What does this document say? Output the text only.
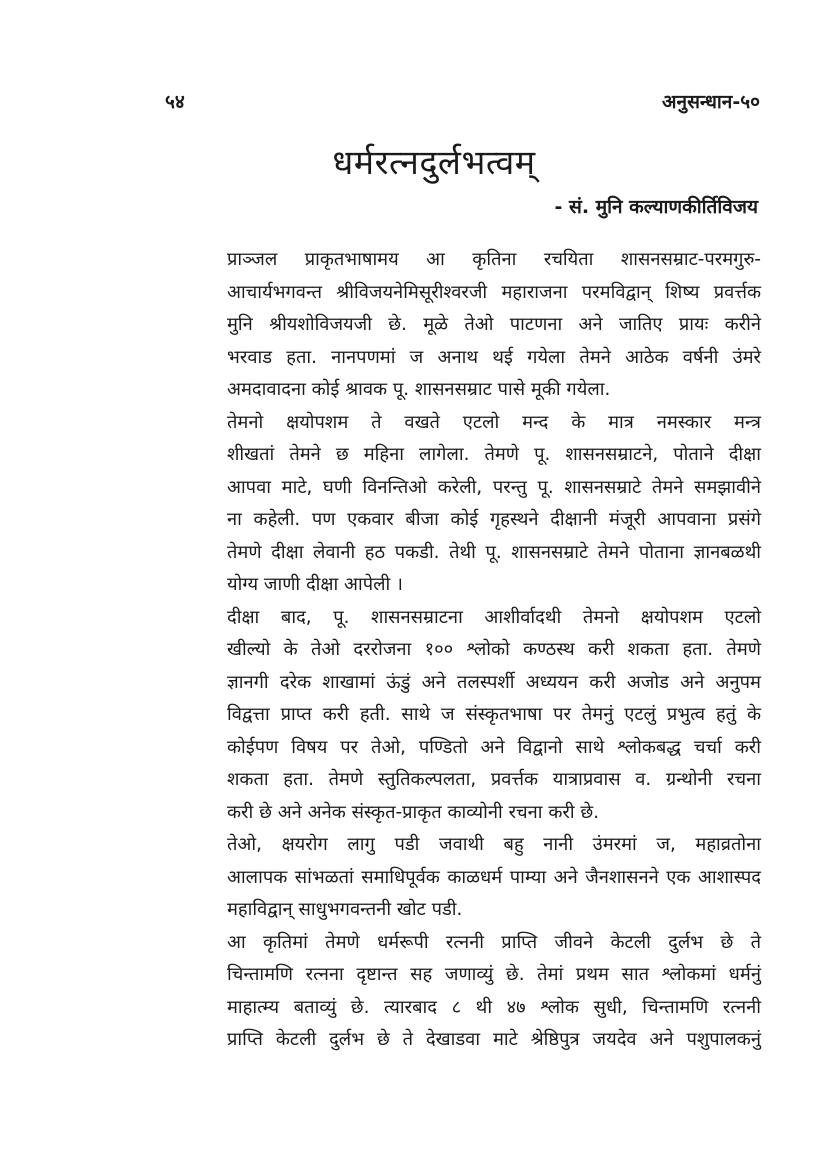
५४	अनुसन्धान-५०
धर्मरत्नदुर्लभत्वम्
- सं. मुनि कल्याणकीर्तिविजय
प्राञ्जल प्राकृतभाषामय आ कृतिना रचयिता शासनसम्राट-परमगुरु-
आचार्यभगवन्त श्रीविजयनेमिसूरीश्वरजी महाराजना परमविद्वान् शिष्य प्रवर्त्तक
मुनि श्रीयशोविजयजी छे. मूळे तेओ पाटणना अने जातिए प्रायः करीने
भरवाड हता. नानपणमां ज अनाथ थई गयेला तेमने आठेक वर्षनी उंमरे
अमदावादना कोई श्रावक पू. शासनसम्राट पासे मूकी गयेला.
तेमनो क्षयोपशम ते वखते एटलो मन्द के मात्र नमस्कार मन्त्र
शीखतां तेमने छ महिना लागेला. तेमणे पू. शासनसम्राटने, पोताने दीक्षा
आपवा माटे, घणी विनन्तिओ करेली, परन्तु पू. शासनसम्राटे तेमने समझावीने
ना कहेली. पण एकवार बीजा कोई गृहस्थने दीक्षानी मंजूरी आपवाना प्रसंगे
तेमणे दीक्षा लेवानी हठ पकडी. तेथी पू. शासनसम्राटे तेमने पोताना ज्ञानबळथी
योग्य जाणी दीक्षा आपेली ।
दीक्षा बाद, पू. शासनसम्राटना आशीर्वादथी तेमनो क्षयोपशम एटलो
खील्यो के तेओ दररोजना १०० श्लोको कण्ठस्थ करी शकता हता. तेमणे
ज्ञानगी दरेक शाखामां ऊंडुं अने तलस्पर्शी अध्ययन करी अजोड अने अनुपम
विद्वत्ता प्राप्त करी हती. साथे ज संस्कृतभाषा पर तेमनुं एटलुं प्रभुत्व हतुं के
कोईपण विषय पर तेओ, पण्डितो अने विद्वानो साथे श्लोकबद्ध चर्चा करी
शकता हता. तेमणे स्तुतिकल्पलता, प्रवर्त्तक यात्राप्रवास व. ग्रन्थोनी रचना
करी छे अने अनेक संस्कृत-प्राकृत काव्योनी रचना करी छे.
तेओ, क्षयरोग लागु पडी जवाथी बहु नानी उंमरमां ज, महाव्रतोना
आलापक सांभळतां समाधिपूर्वक काळधर्म पाम्या अने जैनशासनने एक आशास्पद
महाविद्वान् साधुभगवन्तनी खोट पडी.
आ कृतिमां तेमणे धर्मरूपी रत्ननी प्राप्ति जीवने केटली दुर्लभ छे ते
चिन्तामणि रत्नना दृष्टान्त सह जणाव्युं छे. तेमां प्रथम सात श्लोकमां धर्मनुं
माहात्म्य बताव्युं छे. त्यारबाद ८ थी ४७ श्लोक सुधी, चिन्तामणि रत्ननी
प्राप्ति केटली दुर्लभ छे ते देखाडवा माटे श्रेष्ठिपुत्र जयदेव अने पशुपालकनुं
